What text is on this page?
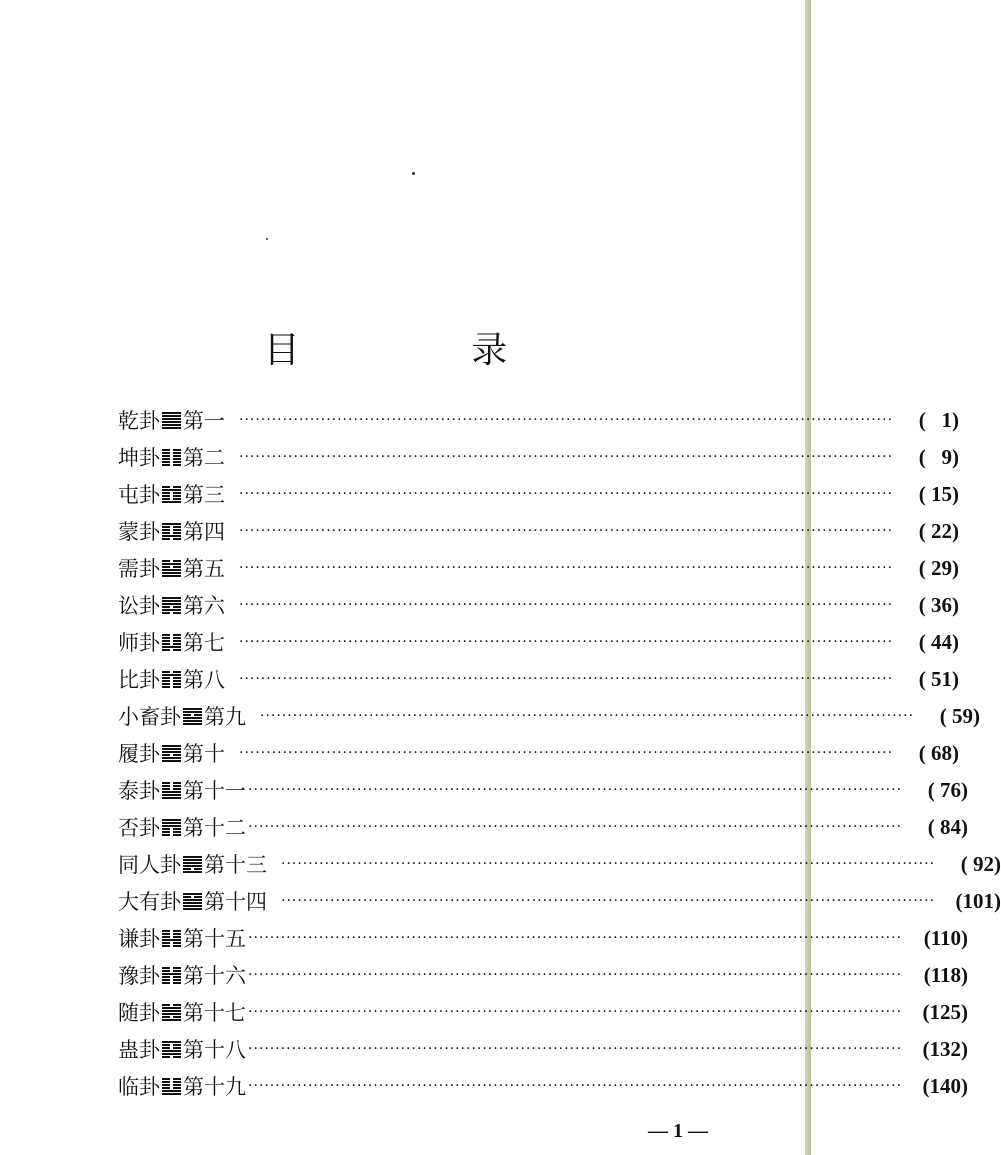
目 录
乾卦 第一 ························································································································	(   1)
坤卦 第二 ························································································································	(   9)
屯卦 第三 ························································································································	( 15)
蒙卦 第四 ························································································································	( 22)
需卦 第五 ························································································································	( 29)
讼卦 第六 ························································································································	( 36)
师卦 第七 ························································································································	( 44)
比卦 第八 ························································································································	( 51)
小畜卦 第九 ························································································································	( 59)
履卦 第十 ························································································································	( 68)
泰卦 第十一 ························································································································	( 76)
否卦 第十二 ························································································································	( 84)
同人卦 第十三 ························································································································	( 92)
大有卦 第十四 ························································································································ (101)
谦卦 第十五 ························································································································	(110)
豫卦 第十六 ························································································································	(118)
随卦 第十七 ························································································································ (125)
蛊卦 第十八 ························································································································ (132)
临卦 第十九 ························································································································ (140)
— 1 —
